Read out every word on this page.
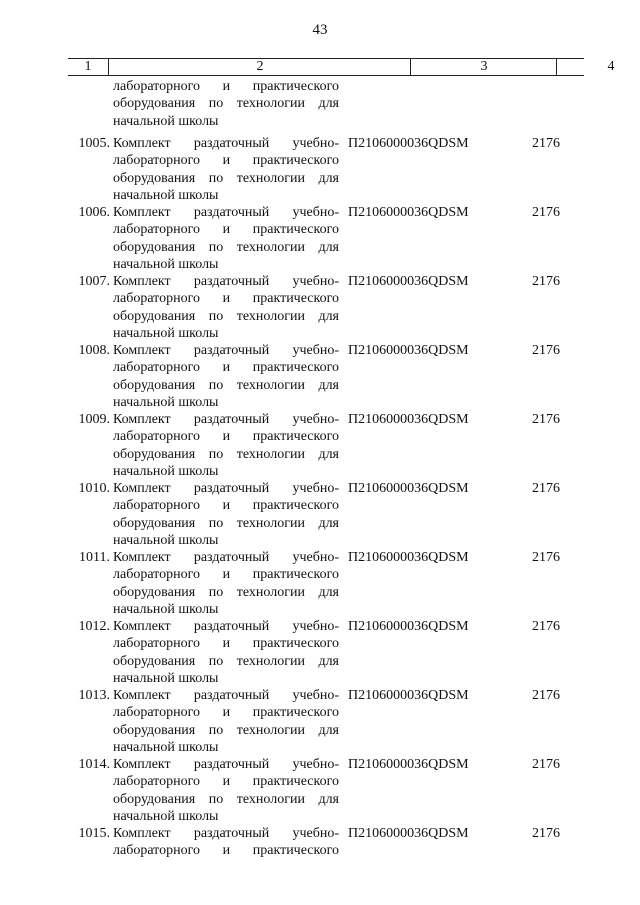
43
1	2	3	4
лабораторного и практического
оборудования по технологии для
начальной школы
1005. Комплект раздаточный учебно-
лабораторного и практического
оборудования по технологии для
начальной школы
П2106000036QDSM	2176
1006. Комплект раздаточный учебно-
лабораторного и практического
оборудования по технологии для
начальной школы
П2106000036QDSM	2176
1007. Комплект раздаточный учебно-
лабораторного и практического
оборудования по технологии для
начальной школы
П2106000036QDSM	2176
1008. Комплект раздаточный учебно-
лабораторного и практического
оборудования по технологии для
начальной школы
П2106000036QDSM	2176
1009. Комплект раздаточный учебно-
лабораторного и практического
оборудования по технологии для
начальной школы
П2106000036QDSM	2176
1010. Комплект раздаточный учебно-
лабораторного и практического
оборудования по технологии для
начальной школы
П2106000036QDSM	2176
1011. Комплект раздаточный учебно-
лабораторного и практического
оборудования по технологии для
начальной школы
П2106000036QDSM	2176
1012. Комплект раздаточный учебно-
лабораторного и практического
оборудования по технологии для
начальной школы
П2106000036QDSM	2176
1013. Комплект раздаточный учебно-
лабораторного и практического
оборудования по технологии для
начальной школы
П2106000036QDSM	2176
1014. Комплект раздаточный учебно-
лабораторного и практического
оборудования по технологии для
начальной школы
П2106000036QDSM	2176
1015. Комплект раздаточный учебно-
лабораторного и практического
П2106000036QDSM	2176
